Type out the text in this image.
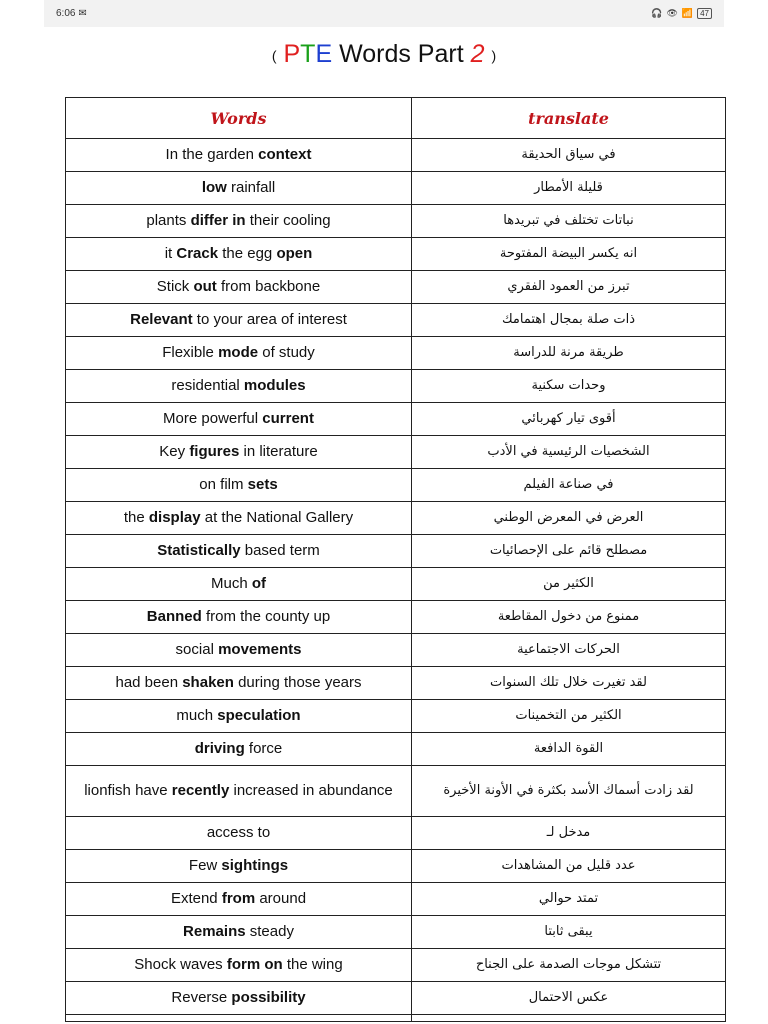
6:06 ✉	🎧 👁 📶 47
( PTE Words Part 2 )
Words	translate
In the garden context	في سياق الحديقة
low rainfall	قليلة الأمطار
plants differ in their cooling	نباتات تختلف في تبريدها
it Crack the egg open	انه يكسر البيضة المفتوحة
Stick out from backbone	تبرز من العمود الفقري
Relevant to your area of interest	ذات صلة بمجال اهتمامك
Flexible mode of study	طريقة مرنة للدراسة
residential modules	وحدات سكنية
More powerful current	أقوى تيار كهربائي
Key figures in literature	الشخصيات الرئيسية في الأدب
on film sets	في صناعة الفيلم
the display at the National Gallery	العرض في المعرض الوطني
Statistically based term	مصطلح قائم على الإحصائيات
Much of	الكثير من
Banned from the county up	ممنوع من دخول المقاطعة
social movements	الحركات الاجتماعية
had been shaken during those years	لقد تغيرت خلال تلك السنوات
much speculation	الكثير من التخمينات
driving force	القوة الدافعة
lionfish have recently increased in abundance	لقد زادت أسماك الأسد بكثرة في الأونة الأخيرة
access to	مدخل لـ
Few sightings	عدد قليل من المشاهدات
Extend from around	تمتد حوالي
Remains steady	يبقى ثابتا
Shock waves form on the wing	تتشكل موجات الصدمة على الجناح
Reverse possibility	عكس الاحتمال
